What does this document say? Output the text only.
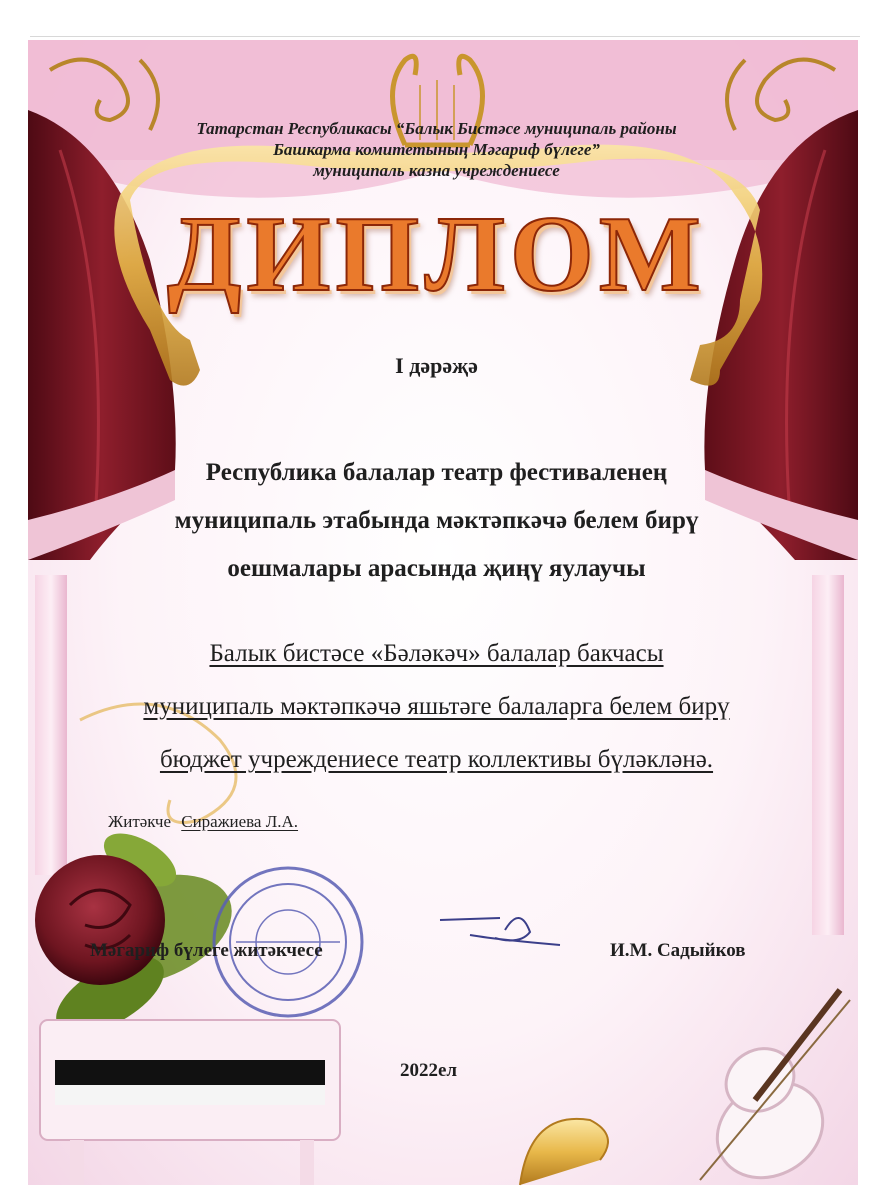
Татарстан Республикасы “Балык Бистәсе муниципаль районы
Башкарма комитетының Мәгариф бүлеге”
муниципаль казна учреждениесе
ДИПЛОМ
I дәрәҗә
Республика балалар театр фестиваленең
муниципаль этабында мәктәпкәчә белем бирү
оешмалары арасында җиңү яулаучы
Балык бистәсе «Бәләкәч» балалар бакчасы
муниципаль мәктәпкәчә яшьтәге балаларга белем бирү
бюджет учреждениесе театр коллективы бүләкләнә.
Житәкче Сиражиева Л.А.
Мәгариф бүлеге житәкчесе	И.М. Садыйков
2022ел
